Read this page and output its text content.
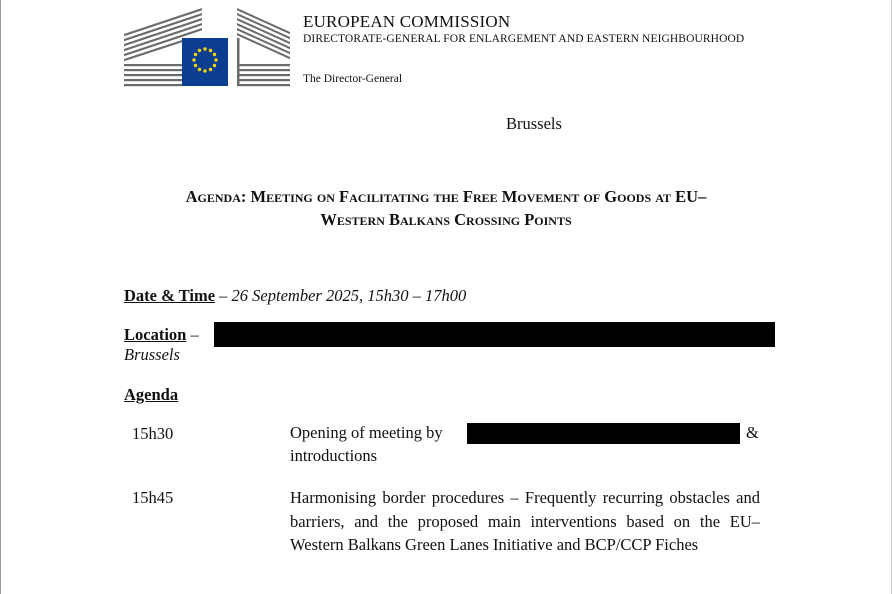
EUROPEAN COMMISSION
DIRECTORATE-GENERAL FOR ENLARGEMENT AND EASTERN NEIGHBOURHOOD
The Director-General
Brussels
Agenda: Meeting on Facilitating the Free Movement of Goods at EU–
Western Balkans Crossing Points
Date & Time – 26 September 2025, 15h30 – 17h00
Location –
Brussels
Agenda
15h30	Opening of meeting by	&
introductions
15h45	Harmonising border procedures – Frequently recurring obstacles and barriers, and the proposed main interventions based on the EU–Western Balkans Green Lanes Initiative and BCP/CCP Fiches
